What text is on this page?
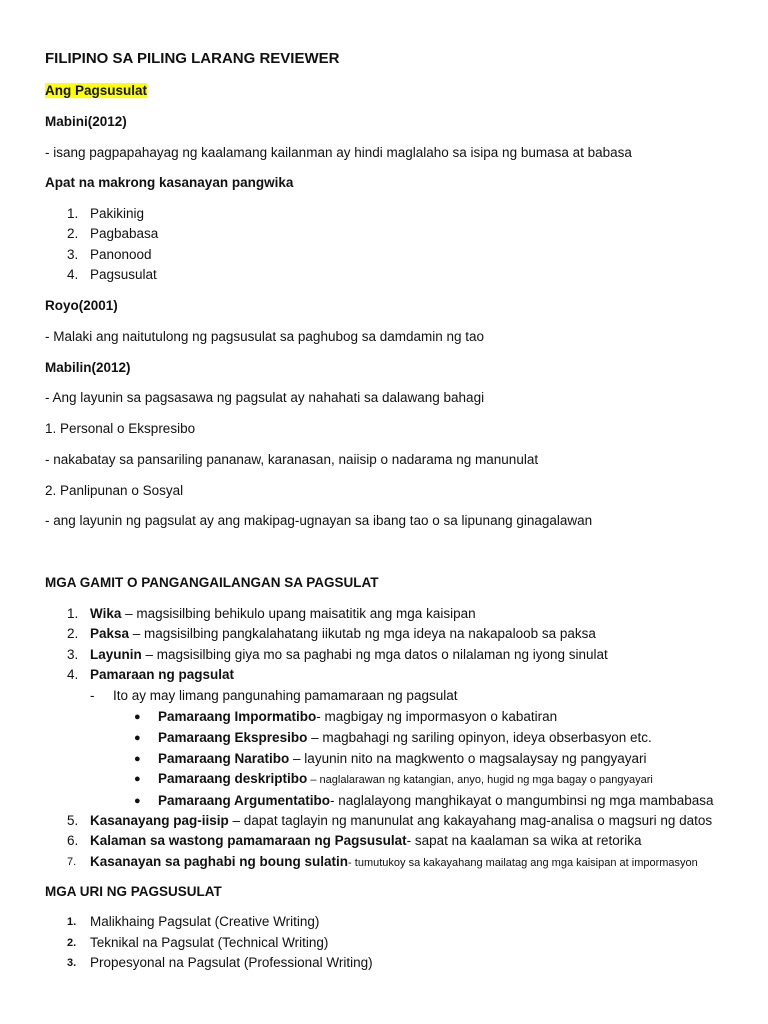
FILIPINO SA PILING LARANG REVIEWER
Ang Pagsusulat
Mabini(2012)
- isang pagpapahayag ng kaalamang kailanman ay hindi maglalaho sa isipa ng bumasa at babasa
Apat na makrong kasanayan pangwika
1. Pakikinig
2. Pagbabasa
3. Panonood
4. Pagsusulat
Royo(2001)
- Malaki ang naitutulong ng pagsusulat sa paghubog sa damdamin ng tao
Mabilin(2012)
- Ang layunin sa pagsasawa ng pagsulat ay nahahati sa dalawang bahagi
1. Personal o Ekspresibo
- nakabatay sa pansariling pananaw, karanasan, naiisip o nadarama ng manunulat
2. Panlipunan o Sosyal
- ang layunin ng pagsulat ay ang makipag-ugnayan sa ibang tao o sa lipunang ginagalawan
MGA GAMIT O PANGANGAILANGAN SA PAGSULAT
1. Wika – magsisilbing behikulo upang maisatitik ang mga kaisipan
2. Paksa – magsisilbing pangkalahatang iikutab ng mga ideya na nakapaloob sa paksa
3. Layunin – magsisilbing giya mo sa paghabi ng mga datos o nilalaman ng iyong sinulat
4. Pamaraan ng pagsulat
- Ito ay may limang pangunahing pamamaraan ng pagsulat
● Pamaraang Impormatibo- magbigay ng impormasyon o kabatiran
● Pamaraang Ekspresibo – magbahagi ng sariling opinyon, ideya obserbasyon etc.
● Pamaraang Naratibo – layunin nito na magkwento o magsalaysay ng pangyayari
● Pamaraang deskriptibo – naglalarawan ng katangian, anyo, hugid ng mga bagay o pangyayari
● Pamaraang Argumentatibo- naglalayong manghikayat o mangumbinsi ng mga mambabasa
5. Kasanayang pag-iisip – dapat taglayin ng manunulat ang kakayahang mag-analisa o magsuri ng datos
6. Kalaman sa wastong pamamaraan ng Pagsusulat- sapat na kaalaman sa wika at retorika
7. Kasanayan sa paghabi ng boung sulatin- tumutukoy sa kakayahang mailatag ang mga kaisipan at impormasyon
MGA URI NG PAGSUSULAT
1. Malikhaing Pagsulat (Creative Writing)
2. Teknikal na Pagsulat (Technical Writing)
3. Propesyonal na Pagsulat (Professional Writing)
